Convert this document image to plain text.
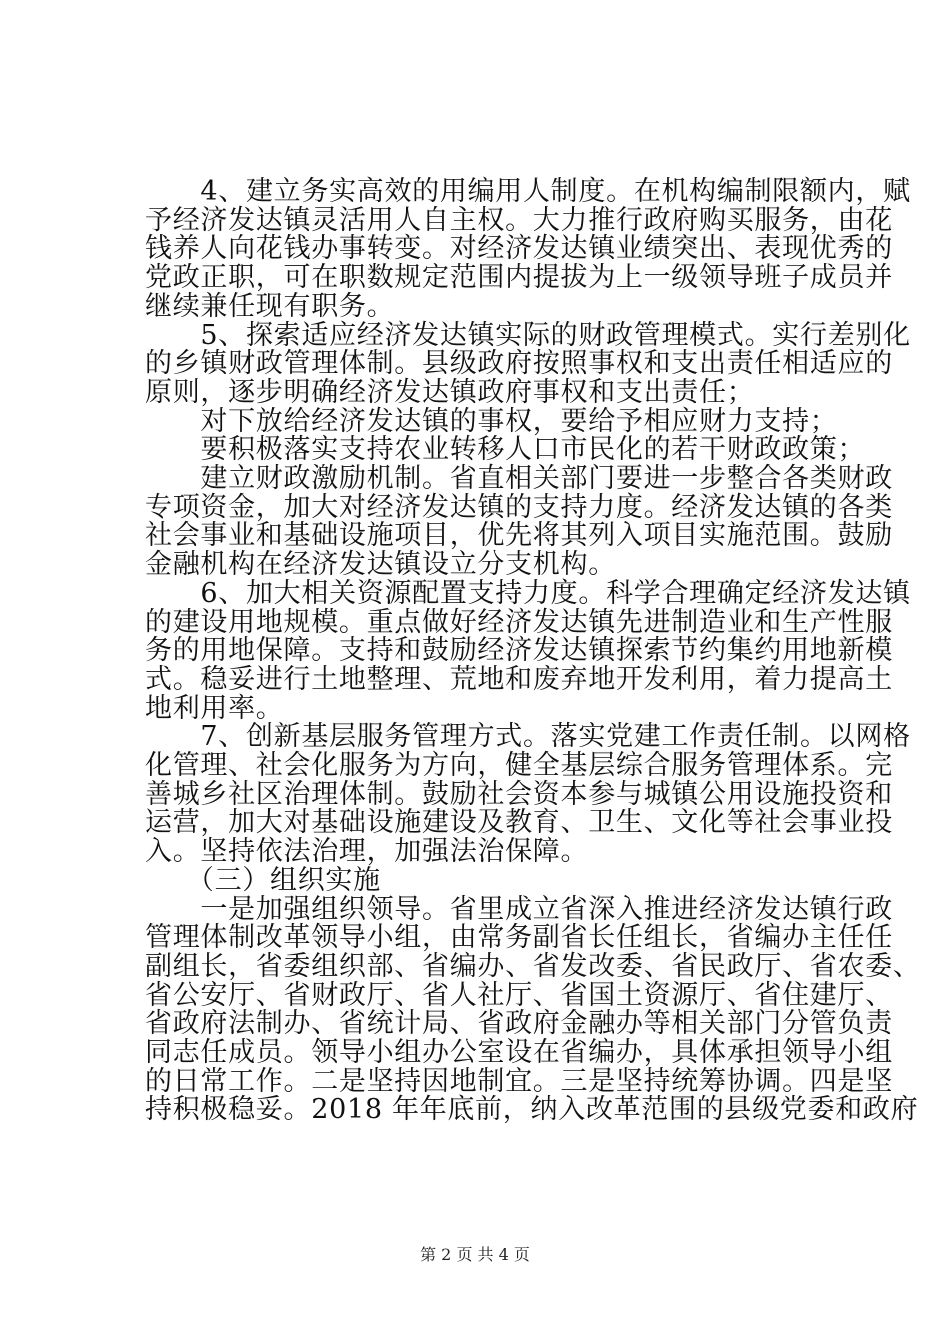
　　4、建立务实高效的用编用人制度。在机构编制限额内，赋
予经济发达镇灵活用人自主权。大力推行政府购买服务，由花
钱养人向花钱办事转变。对经济发达镇业绩突出、表现优秀的
党政正职，可在职数规定范围内提拔为上一级领导班子成员并
继续兼任现有职务。
　　5、探索适应经济发达镇实际的财政管理模式。实行差别化
的乡镇财政管理体制。县级政府按照事权和支出责任相适应的
原则，逐步明确经济发达镇政府事权和支出责任；
　　对下放给经济发达镇的事权，要给予相应财力支持；
　　要积极落实支持农业转移人口市民化的若干财政政策；
　　建立财政激励机制。省直相关部门要进一步整合各类财政
专项资金，加大对经济发达镇的支持力度。经济发达镇的各类
社会事业和基础设施项目，优先将其列入项目实施范围。鼓励
金融机构在经济发达镇设立分支机构。
　　6、加大相关资源配置支持力度。科学合理确定经济发达镇
的建设用地规模。重点做好经济发达镇先进制造业和生产性服
务的用地保障。支持和鼓励经济发达镇探索节约集约用地新模
式。稳妥进行土地整理、荒地和废弃地开发利用，着力提高土
地利用率。
　　7、创新基层服务管理方式。落实党建工作责任制。以网格
化管理、社会化服务为方向，健全基层综合服务管理体系。完
善城乡社区治理体制。鼓励社会资本参与城镇公用设施投资和
运营，加大对基础设施建设及教育、卫生、文化等社会事业投
入。坚持依法治理，加强法治保障。
　　（三）组织实施
　　一是加强组织领导。省里成立省深入推进经济发达镇行政
管理体制改革领导小组，由常务副省长任组长，省编办主任任
副组长，省委组织部、省编办、省发改委、省民政厅、省农委、
省公安厅、省财政厅、省人社厅、省国土资源厅、省住建厅、
省政府法制办、省统计局、省政府金融办等相关部门分管负责
同志任成员。领导小组办公室设在省编办，具体承担领导小组
的日常工作。二是坚持因地制宜。三是坚持统筹协调。四是坚
持积极稳妥。2018 年年底前，纳入改革范围的县级党委和政府
第 2 页 共 4 页
